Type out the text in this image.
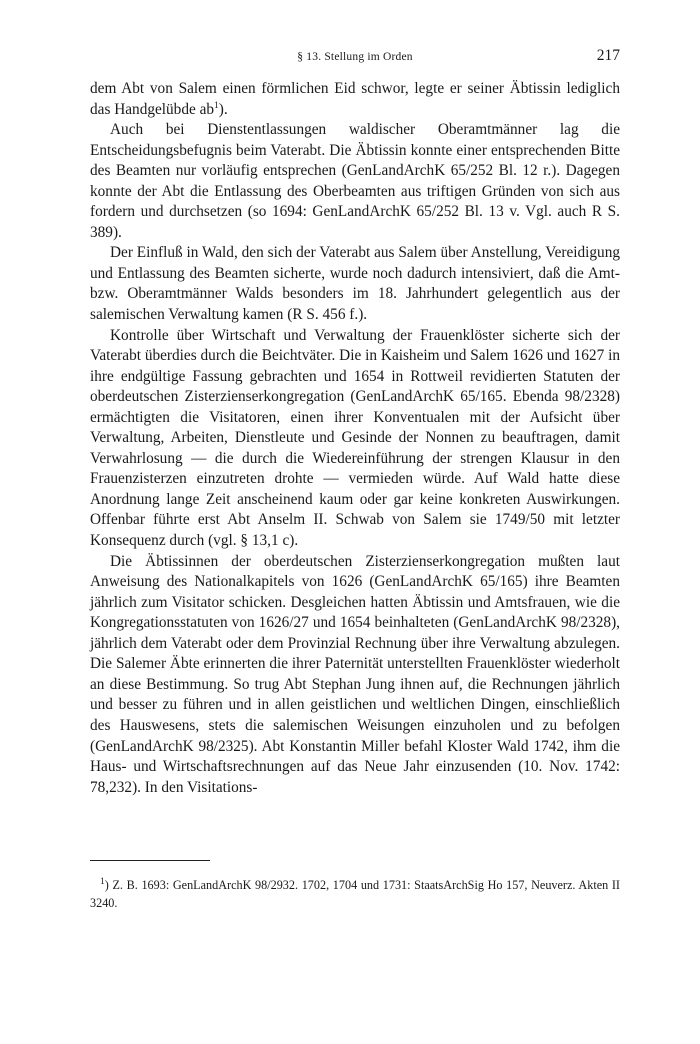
§ 13. Stellung im Orden	217

dem Abt von Salem einen förmlichen Eid schwor, legte er seiner Äbtissin lediglich das Handgelübde $ab^1$).

Auch bei Dienstentlassungen waldischer Oberamtmänner lag die Entscheidungsbefugnis beim Vaterabt. Die Äbtissin konnte einer entsprechenden Bitte des Beamten nur vorläufig entsprechen (GenLandArchK 65/252 Bl. 12 r.). Dagegen konnte der Abt die Entlassung des Oberbeamten aus triftigen Gründen von sich aus fordern und durchsetzen (so 1694: GenLandArchK 65/252 Bl. 13 v. Vgl. auch R S. 389).

Der Einfluß in Wald, den sich der Vaterabt aus Salem über Anstellung, Vereidigung und Entlassung des Beamten sicherte, wurde noch dadurch intensiviert, daß die Amt- bzw. Oberamtmänner Walds besonders im 18. Jahrhundert gelegentlich aus der salemischen Verwaltung kamen (R S. 456 f.).

Kontrolle über Wirtschaft und Verwaltung der Frauenklöster sicherte sich der Vaterabt überdies durch die Beichtväter. Die in Kaisheim und Salem 1626 und 1627 in ihre endgültige Fassung gebrachten und 1654 in Rottweil revidierten Statuten der oberdeutschen Zisterzienserkongregation (GenLandArchK 65/165. Ebenda 98/2328) ermächtigten die Visitatoren, einen ihrer Konventualen mit der Aufsicht über Verwaltung, Arbeiten, Dienstleute und Gesinde der Nonnen zu beauftragen, damit Verwahrlosung — die durch die Wiedereinführung der strengen Klausur in den Frauenzisterzen einzutreten drohte — vermieden würde. Auf Wald hatte diese Anordnung lange Zeit anscheinend kaum oder gar keine konkreten Auswirkungen. Offenbar führte erst Abt Anselm II. Schwab von Salem sie 1749/50 mit letzter Konsequenz durch (vgl. § 13,1 c).

Die Äbtissinnen der oberdeutschen Zisterzienserkongregation mußten laut Anweisung des Nationalkapitels von 1626 (GenLandArchK 65/165) ihre Beamten jährlich zum Visitator schicken. Desgleichen hatten Äbtissin und Amtsfrauen, wie die Kongregationsstatuten von 1626/27 und 1654 beinhalteten (GenLandArchK 98/2328), jährlich dem Vaterabt oder dem Provinzial Rechnung über ihre Verwaltung abzulegen. Die Salemer Äbte erinnerten die ihrer Paternität unterstellten Frauenklöster wiederholt an diese Bestimmung. So trug Abt Stephan Jung ihnen auf, die Rechnungen jährlich und besser zu führen und in allen geistlichen und weltlichen Dingen, einschließlich des Hauswesens, stets die salemischen Weisungen einzuholen und zu befolgen (GenLandArchK 98/2325). Abt Konstantin Miller befahl Kloster Wald 1742, ihm die Haus- und Wirtschaftsrechnungen auf das Neue Jahr einzusenden (10. Nov. 1742: 78,232). In den Visitations-

$^1$) Z. B. 1693: GenLandArchK 98/2932. 1702, 1704 und 1731: StaatsArchSig Ho 157, Neuverz. Akten II 3240.
